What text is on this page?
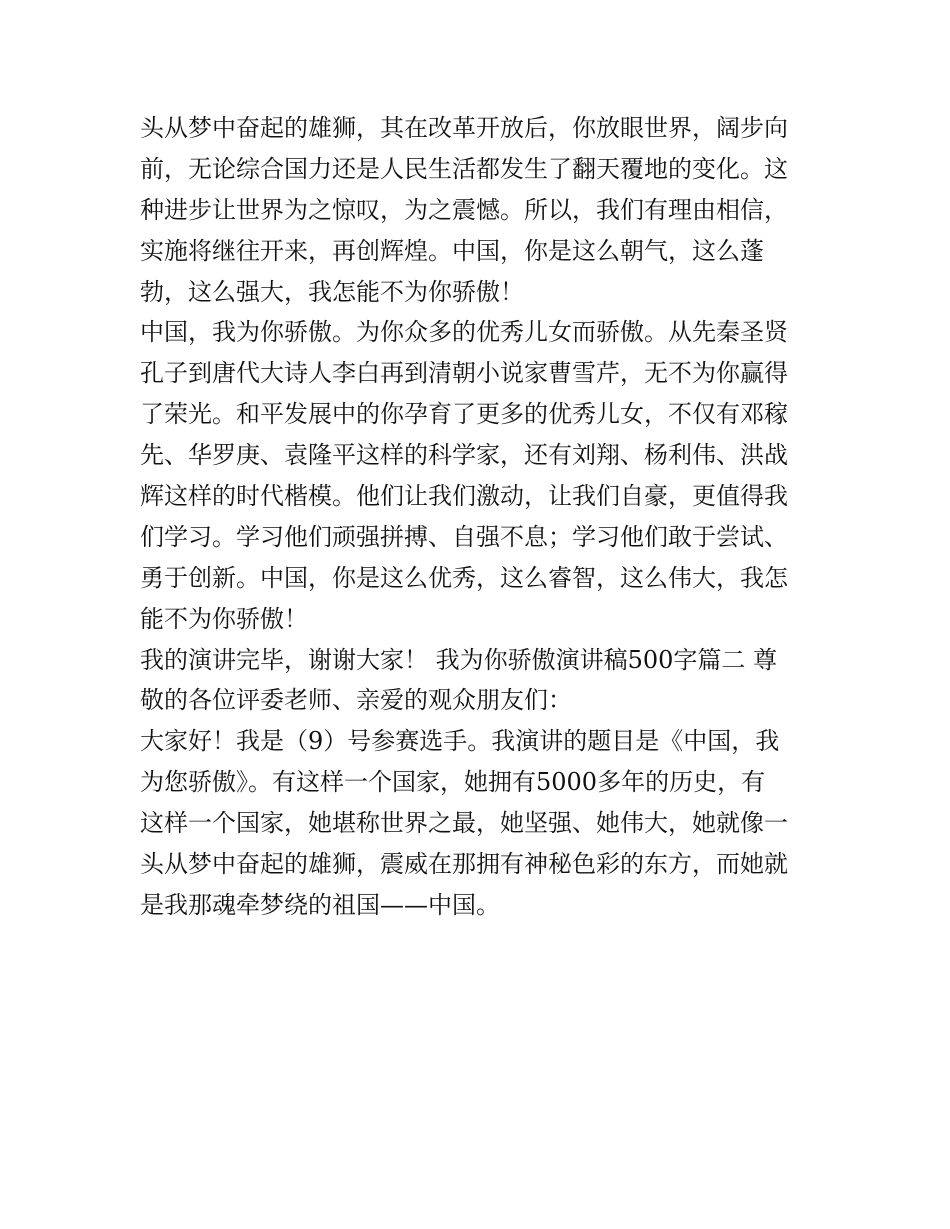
头从梦中奋起的雄狮，其在改革开放后，你放眼世界，阔步向
前，无论综合国力还是人民生活都发生了翻天覆地的变化。这
种进步让世界为之惊叹，为之震憾。所以，我们有理由相信，
实施将继往开来，再创辉煌。中国，你是这么朝气，这么蓬
勃，这么强大，我怎能不为你骄傲！
中国，我为你骄傲。为你众多的优秀儿女而骄傲。从先秦圣贤
孔子到唐代大诗人李白再到清朝小说家曹雪芹，无不为你赢得
了荣光。和平发展中的你孕育了更多的优秀儿女，不仅有邓稼
先、华罗庚、袁隆平这样的科学家，还有刘翔、杨利伟、洪战
辉这样的时代楷模。他们让我们激动，让我们自豪，更值得我
们学习。学习他们顽强拼搏、自强不息；学习他们敢于尝试、
勇于创新。中国，你是这么优秀，这么睿智，这么伟大，我怎
能不为你骄傲！
我的演讲完毕，谢谢大家！ 我为你骄傲演讲稿500字篇二 尊
敬的各位评委老师、亲爱的观众朋友们：
大家好！我是（9）号参赛选手。我演讲的题目是《中国，我
为您骄傲》。有这样一个国家，她拥有5000多年的历史，有
这样一个国家，她堪称世界之最，她坚强、她伟大，她就像一
头从梦中奋起的雄狮，震威在那拥有神秘色彩的东方，而她就
是我那魂牵梦绕的祖国——中国。
